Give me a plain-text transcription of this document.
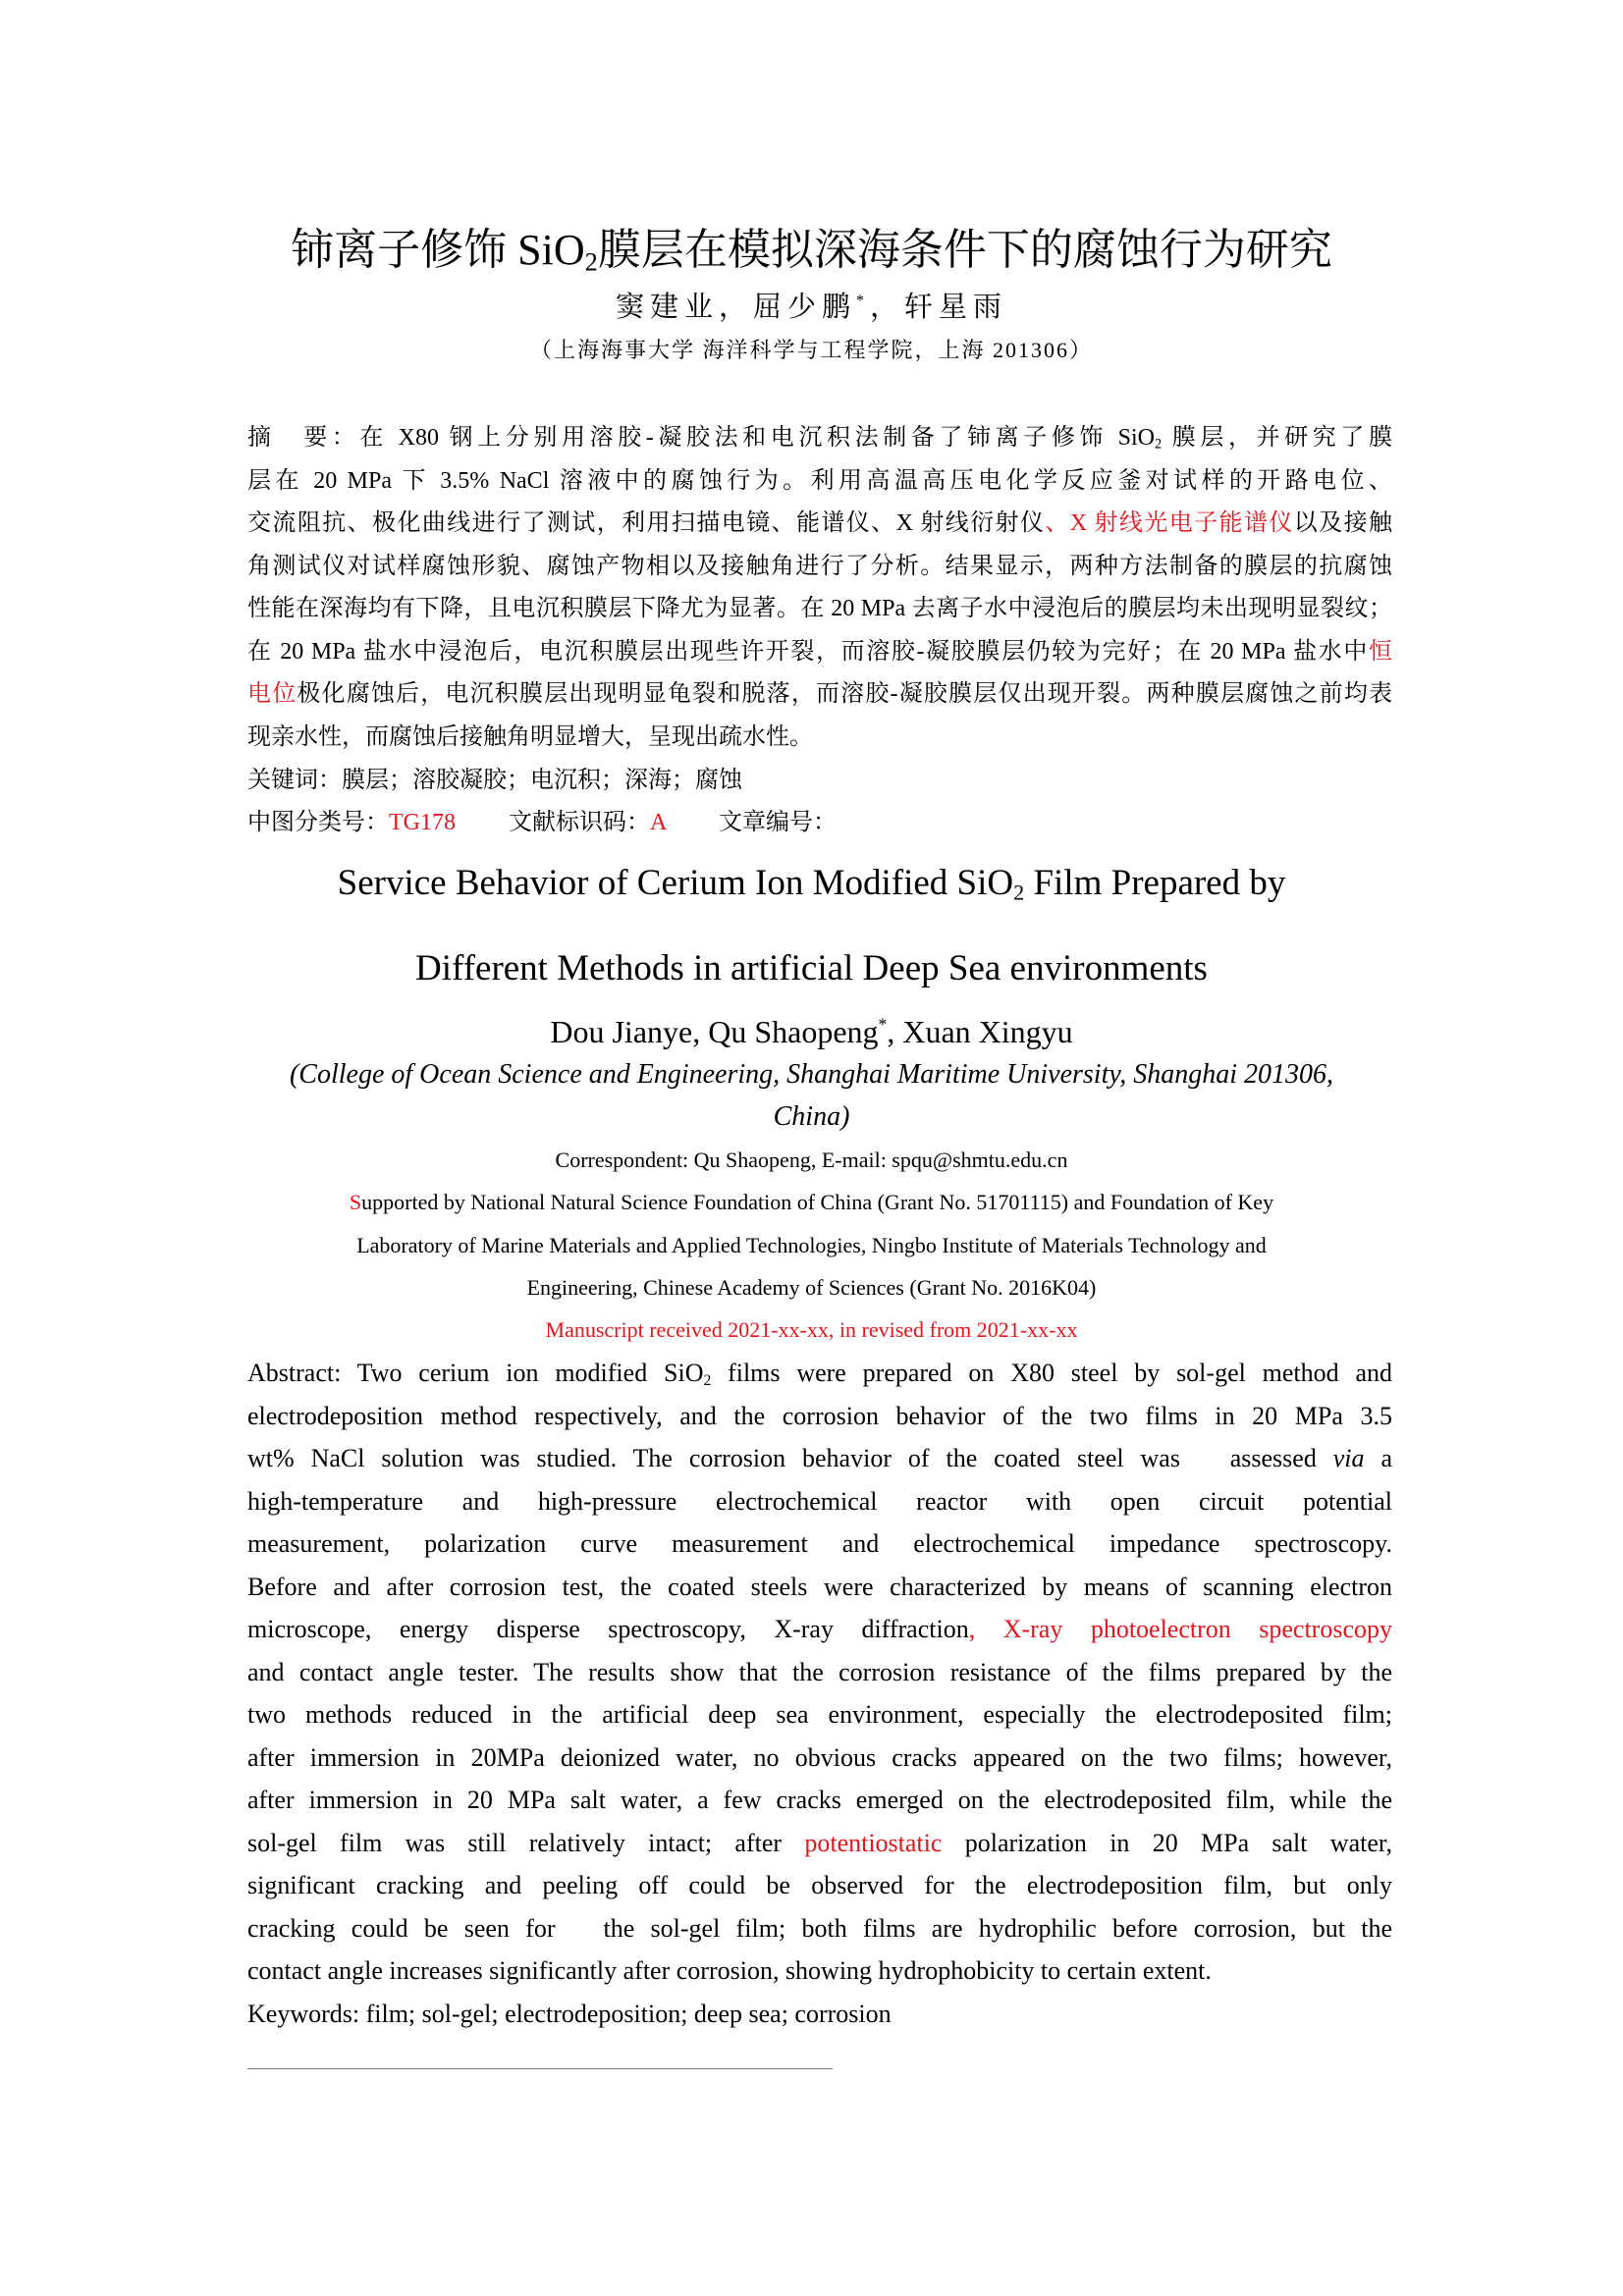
铈离子修饰 SiO$_2$膜层在模拟深海条件下的腐蚀行为研究
窦建业，屈少鹏*，轩星雨
（上海海事大学 海洋科学与工程学院，上海 201306）
摘　要：在 X80 钢上分别用溶胶-凝胶法和电沉积法制备了铈离子修饰 SiO$_2$ 膜层，并研究了膜
层在 20 MPa 下 3.5% NaCl 溶液中的腐蚀行为。利用高温高压电化学反应釜对试样的开路电位、
交流阻抗、极化曲线进行了测试，利用扫描电镜、能谱仪、X 射线衍射仪、X 射线光电子能谱仪以及接触
角测试仪对试样腐蚀形貌、腐蚀产物相以及接触角进行了分析。结果显示，两种方法制备的膜层的抗腐蚀
性能在深海均有下降，且电沉积膜层下降尤为显著。在 20 MPa 去离子水中浸泡后的膜层均未出现明显裂纹；
在 20 MPa 盐水中浸泡后，电沉积膜层出现些许开裂，而溶胶-凝胶膜层仍较为完好；在 20 MPa 盐水中恒
电位极化腐蚀后，电沉积膜层出现明显龟裂和脱落，而溶胶-凝胶膜层仅出现开裂。两种膜层腐蚀之前均表
现亲水性，而腐蚀后接触角明显增大，呈现出疏水性。
关键词：膜层；溶胶凝胶；电沉积；深海；腐蚀
中图分类号：TG178 文献标识码：A 文章编号：
Service Behavior of Cerium Ion Modified SiO$_2$ Film Prepared by
Different Methods in artificial Deep Sea environments
Dou Jianye, Qu Shaopeng*, Xuan Xingyu
(College of Ocean Science and Engineering, Shanghai Maritime University, Shanghai 201306,
China)
Correspondent: Qu Shaopeng, E-mail: spqu@shmtu.edu.cn
Supported by National Natural Science Foundation of China (Grant No. 51701115) and Foundation of Key
Laboratory of Marine Materials and Applied Technologies, Ningbo Institute of Materials Technology and
Engineering, Chinese Academy of Sciences (Grant No. 2016K04)
Manuscript received 2021-xx-xx, in revised from 2021-xx-xx
Abstract: Two cerium ion modified SiO$_2$ films were prepared on X80 steel by sol-gel method and
electrodeposition method respectively, and the corrosion behavior of the two films in 20 MPa 3.5
wt% NaCl solution was studied. The corrosion behavior of the coated steel was   assessed via a
high-temperature and high-pressure electrochemical reactor with open circuit potential
measurement, polarization curve measurement and electrochemical impedance spectroscopy.
Before and after corrosion test, the coated steels were characterized by means of scanning electron
microscope, energy disperse spectroscopy, X-ray diffraction, X-ray photoelectron spectroscopy
and contact angle tester. The results show that the corrosion resistance of the films prepared by the
two methods reduced in the artificial deep sea environment, especially the electrodeposited film;
after immersion in 20MPa deionized water, no obvious cracks appeared on the two films; however,
after immersion in 20 MPa salt water, a few cracks emerged on the electrodeposited film, while the
sol-gel film was still relatively intact; after potentiostatic polarization in 20 MPa salt water,
significant cracking and peeling off could be observed for the electrodeposition film, but only
cracking could be seen for   the sol-gel film; both films are hydrophilic before corrosion, but the
contact angle increases significantly after corrosion, showing hydrophobicity to certain extent.
Keywords: film; sol-gel; electrodeposition; deep sea; corrosion
